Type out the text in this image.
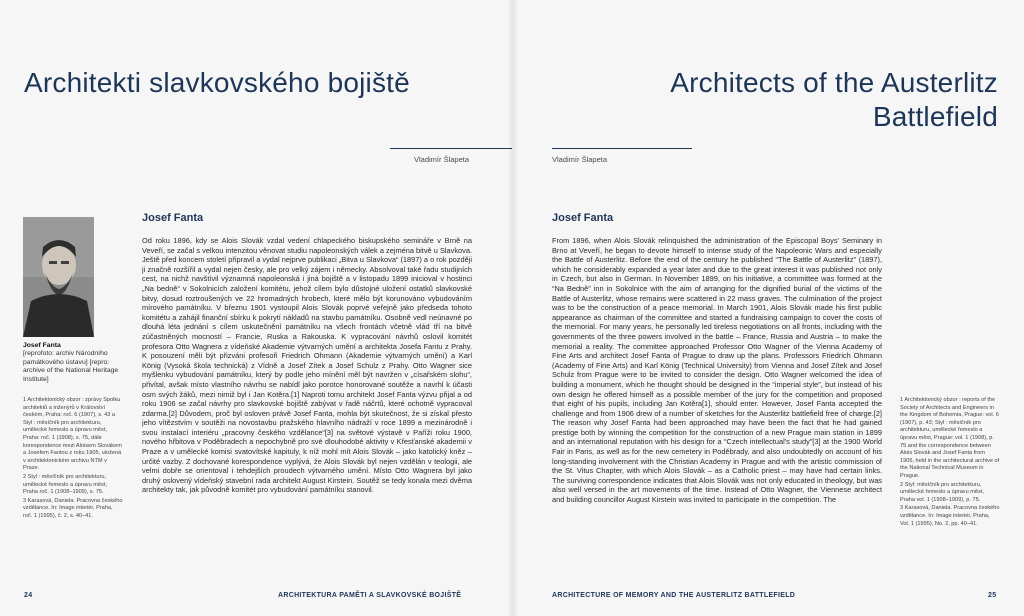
Architekti slavkovského bojiště
Vladimír Šlapeta
Josef Fanta
[reprofoto: archiv Národního památkového ústavu] [repro: archive of the National Heritage Institute]

1 Architektonický obzor : zprávy Spolku architektů a inženýrů v Království českém, Praha: roč. 6 (1907), s. 43 a Styl : měsíčník pro architekturu, umělecké řemeslo a úpravu měst, Praha: roč. 1 (1908), s. 75, dále korespondence mezi Aloisem Slovákem a Josefem Fantou z roku 1905, uložená v architektonickém archivu NTM v Praze.

2 Styl : měsíčník pro architekturu, umělecké řemeslo a úpravu měst, Praha roč. 1 (1908–1909), s. 75.

3 Karasová, Daniela. Pracovna českého vzdělance. In: Image interiér, Praha, roč. 1 (1995), č. 2, s. 40–41.

Josef Fanta

Od roku 1896, kdy se Alois Slovák vzdal vedení chlapeckého biskupského semináře v Brně na Veveří, se začal s velkou intenzitou věnovat studiu napoleonských válek a zejména bitvě u Slavkova. Ještě před koncem století připravil a vydal nejprve publikaci „Bitva u Slavkova“ (1897) a o rok později ji značně rozšířil a vydal nejen česky, ale pro velký zájem i německy. Absolvoval také řadu studijních cest, na nichž navštívil významná napoleonská i jiná bojiště a v listopadu 1899 inicioval v hostinci „Na bedně“ v Sokolnicích založení komitétu, jehož cílem bylo důstojné uložení ostatků slavkovské bitvy, dosud roztroušených ve 22 hromadných hrobech, které mělo být korunováno vybudováním mírového památníku. V březnu 1901 vystoupil Alois Slovák poprvé veřejně jako předseda tohoto komitétu a zahájil finanční sbírku k pokrytí nákladů na stavbu památníku. Osobně vedl neúnavné po dlouhá léta jednání s cílem uskutečnění památníku na všech frontách včetně vlád tří na bitvě zúčastněných mocností – Francie, Ruska a Rakouska. K vypracování návrhů oslovil komitét profesora Otto Wagnera z vídeňské Akademie výtvarných umění a architekta Josefa Fantu z Prahy. K posouzení měli být přizváni profesoři Friedrich Ohmann (Akademie výtvarných umění) a Karl König (Vysoká škola technická) z Vídně a Josef Zítek a Josef Schulz z Prahy. Otto Wagner sice myšlenku vybudování památníku, který by podle jeho mínění měl být navržen v „císařském slohu“, přivítal, avšak místo vlastního návrhu se nabídl jako porotce honorované soutěže a navrhl k účasti osm svých žáků, mezi nimiž byl i Jan Kotěra.[1] Naproti tomu architekt Josef Fanta výzvu přijal a od roku 1906 se začal návrhy pro slavkovské bojiště zabývat v řadě náčrtů, které ochotně vypracoval zdarma.[2] Důvodem, proč byl osloven právě Josef Fanta, mohla být skutečnost, že si získal přesto jeho vítězstvím v soutěži na novostavbu pražského hlavního nádraží v roce 1899 a mezinárodně i svou instalací interiéru „pracovny českého vzdělance“[3] na světové výstavě v Paříži roku 1900, nového hřbitova v Poděbradech a nepochybně pro své dlouhodobé aktivity v Křesťanské akademii v Praze a v umělecké komisi svatovítské kapituly, k níž mohl mít Alois Slovák – jako katolický kněz – určité vazby. Z dochované korespondence vyplývá, že Alois Slovák byl nejen vzdělán v teologii, ale velmi dobře se orientoval i tehdejších proudech výtvarného umění. Místo Otto Wagnera byl jako druhý oslovený vídeňský stavební rada architekt August Kirstein. Soutěž se tedy konala mezi dvěma architekty tak, jak původně komitét pro vybudování památníku stanovil.

24	ARCHITEKTURA PAMĚTI A SLAVKOVSKÉ BOJIŠTĚ
Architects of the Austerlitz Battlefield
Vladimír Šlapeta
Josef Fanta

From 1896, when Alois Slovák relinquished the administration of the Episcopal Boys' Seminary in Brno at Veveří, he began to devote himself to intense study of the Napoleonic Wars and especially the Battle of Austerlitz. Before the end of the century he published “The Battle of Austerlitz” (1897), which he considerably expanded a year later and due to the great interest it was published not only in Czech, but also in German. In November 1899, on his initiative, a committee was formed at the “Na Bedně” inn in Sokolnice with the aim of arranging for the dignified burial of the victims of the Battle of Austerlitz, whose remains were scattered in 22 mass graves. The culmination of the project was to be the construction of a peace memorial. In March 1901, Alois Slovák made his first public appearance as chairman of the committee and started a fundraising campaign to cover the costs of the memorial. For many years, he personally led tireless negotiations on all fronts, including with the governments of the three powers involved in the battle – France, Russia and Austria – to make the memorial a reality. The committee approached Professor Otto Wagner of the Vienna Academy of Fine Arts and architect Josef Fanta of Prague to draw up the plans. Professors Friedrich Ohmann (Academy of Fine Arts) and Karl König (Technical University) from Vienna and Josef Zítek and Josef Schulz from Prague were to be invited to consider the design. Otto Wagner welcomed the idea of building a monument, which he thought should be designed in the “imperial style”, but instead of his own design he offered himself as a possible member of the jury for the competition and proposed that eight of his pupils, including Jan Kotěra[1], should enter. However, Josef Fanta accepted the challenge and from 1906 drew of a number of sketches for the Austerlitz battlefield free of charge.[2] The reason why Josef Fanta had been approached may have been the fact that he had gained prestige both by winning the competition for the construction of a new Prague main station in 1899 and an international reputation with his design for a “Czech intellectual's study”[3] at the 1900 World Fair in Paris, as well as for the new cemetery in Poděbrady, and also undoubtedly on account of his long-standing involvement with the Christian Academy in Prague and with the artistic commission of the St. Vitus Chapter, with which Alois Slovák – as a Catholic priest – may have had certain links. The surviving correspondence indicates that Alois Slovák was not only educated in theology, but was also well versed in the art movements of the time. Instead of Otto Wagner, the Viennese architect and building councillor August Kirstein was invited to participate in the competition. The

1 Architektonický obzor : reports of the Society of Architects and Engineers in the Kingdom of Bohemia, Prague: vol. 6 (1907), p. 43; Styl : měsíčník pro architekturu, umělecké řemeslo a úpravu měst, Prague: vol. 1 (1908), p. 75 and the correspondence between Alois Slovák and Josef Fanta from 1905, held in the architectural archive of the National Technical Museum in Prague.

2 Styl: měsíčník pro architekturu, umělecké řemeslo a úpravu měst, Praha vol. 1 (1908–1909), p. 75.

3 Karasová, Daniela. Pracovna českého vzdělance. In: Image interiér, Praha, Vol. 1 (1995), No. 2, pp. 40–41.

ARCHITECTURE OF MEMORY AND THE AUSTERLITZ BATTLEFIELD	25
